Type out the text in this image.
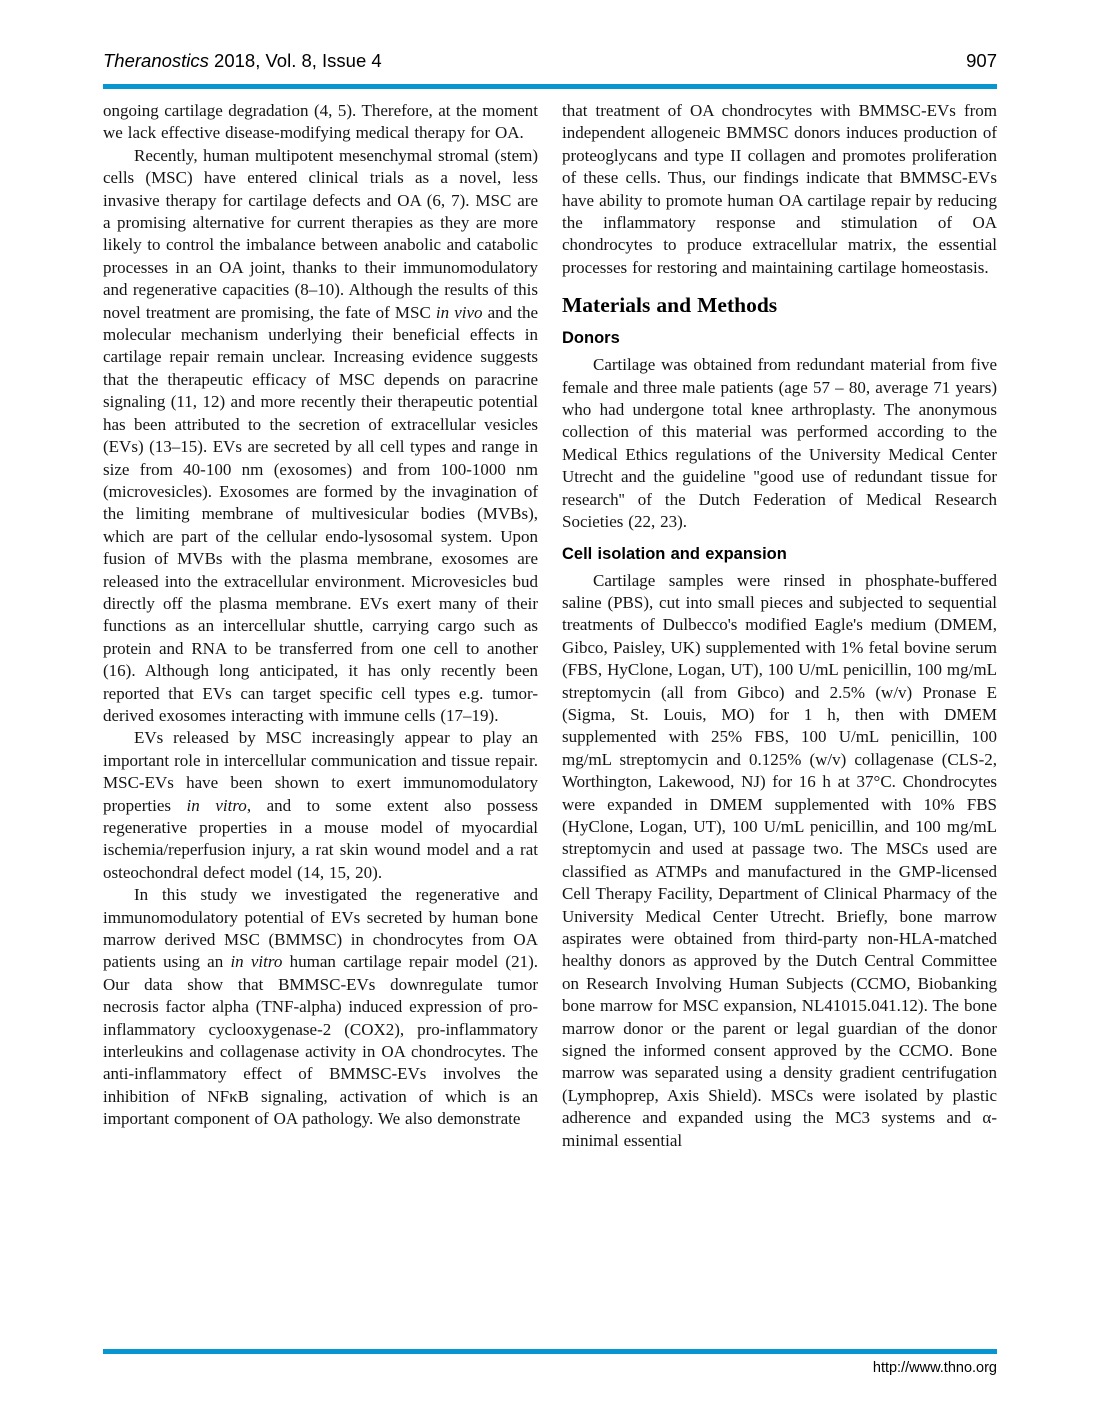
Theranostics 2018, Vol. 8, Issue 4	907

ongoing cartilage degradation (4, 5). Therefore, at the moment we lack effective disease-modifying medical therapy for OA.

Recently, human multipotent mesenchymal stromal (stem) cells (MSC) have entered clinical trials as a novel, less invasive therapy for cartilage defects and OA (6, 7). MSC are a promising alternative for current therapies as they are more likely to control the imbalance between anabolic and catabolic processes in an OA joint, thanks to their immunomodulatory and regenerative capacities (8–10). Although the results of this novel treatment are promising, the fate of MSC in vivo and the molecular mechanism underlying their beneficial effects in cartilage repair remain unclear. Increasing evidence suggests that the therapeutic efficacy of MSC depends on paracrine signaling (11, 12) and more recently their therapeutic potential has been attributed to the secretion of extracellular vesicles (EVs) (13–15). EVs are secreted by all cell types and range in size from 40-100 nm (exosomes) and from 100-1000 nm (microvesicles). Exosomes are formed by the invagination of the limiting membrane of multivesicular bodies (MVBs), which are part of the cellular endo-lysosomal system. Upon fusion of MVBs with the plasma membrane, exosomes are released into the extracellular environment. Microvesicles bud directly off the plasma membrane. EVs exert many of their functions as an intercellular shuttle, carrying cargo such as protein and RNA to be transferred from one cell to another (16). Although long anticipated, it has only recently been reported that EVs can target specific cell types e.g. tumor-derived exosomes interacting with immune cells (17–19).

EVs released by MSC increasingly appear to play an important role in intercellular communication and tissue repair. MSC-EVs have been shown to exert immunomodulatory properties in vitro, and to some extent also possess regenerative properties in a mouse model of myocardial ischemia/reperfusion injury, a rat skin wound model and a rat osteochondral defect model (14, 15, 20).

In this study we investigated the regenerative and immunomodulatory potential of EVs secreted by human bone marrow derived MSC (BMMSC) in chondrocytes from OA patients using an in vitro human cartilage repair model (21). Our data show that BMMSC-EVs downregulate tumor necrosis factor alpha (TNF-alpha) induced expression of pro-inflammatory cyclooxygenase-2 (COX2), pro-inflammatory interleukins and collagenase activity in OA chondrocytes. The anti-inflammatory effect of BMMSC-EVs involves the inhibition of NFκB signaling, activation of which is an important component of OA pathology. We also demonstrate

that treatment of OA chondrocytes with BMMSC-EVs from independent allogeneic BMMSC donors induces production of proteoglycans and type II collagen and promotes proliferation of these cells. Thus, our findings indicate that BMMSC-EVs have ability to promote human OA cartilage repair by reducing the inflammatory response and stimulation of OA chondrocytes to produce extracellular matrix, the essential processes for restoring and maintaining cartilage homeostasis.

Materials and Methods
Donors

Cartilage was obtained from redundant material from five female and three male patients (age 57 – 80, average 71 years) who had undergone total knee arthroplasty. The anonymous collection of this material was performed according to the Medical Ethics regulations of the University Medical Center Utrecht and the guideline ''good use of redundant tissue for research'' of the Dutch Federation of Medical Research Societies (22, 23).

Cell isolation and expansion

Cartilage samples were rinsed in phosphate-buffered saline (PBS), cut into small pieces and subjected to sequential treatments of Dulbecco's modified Eagle's medium (DMEM, Gibco, Paisley, UK) supplemented with 1% fetal bovine serum (FBS, HyClone, Logan, UT), 100 U/mL penicillin, 100 mg/mL streptomycin (all from Gibco) and 2.5% (w/v) Pronase E (Sigma, St. Louis, MO) for 1 h, then with DMEM supplemented with 25% FBS, 100 U/mL penicillin, 100 mg/mL streptomycin and 0.125% (w/v) collagenase (CLS-2, Worthington, Lakewood, NJ) for 16 h at 37°C. Chondrocytes were expanded in DMEM supplemented with 10% FBS (HyClone, Logan, UT), 100 U/mL penicillin, and 100 mg/mL streptomycin and used at passage two. The MSCs used are classified as ATMPs and manufactured in the GMP-licensed Cell Therapy Facility, Department of Clinical Pharmacy of the University Medical Center Utrecht. Briefly, bone marrow aspirates were obtained from third-party non-HLA-matched healthy donors as approved by the Dutch Central Committee on Research Involving Human Subjects (CCMO, Biobanking bone marrow for MSC expansion, NL41015.041.12). The bone marrow donor or the parent or legal guardian of the donor signed the informed consent approved by the CCMO. Bone marrow was separated using a density gradient centrifugation (Lymphoprep, Axis Shield). MSCs were isolated by plastic adherence and expanded using the MC3 systems and α-minimal essential

http://www.thno.org
